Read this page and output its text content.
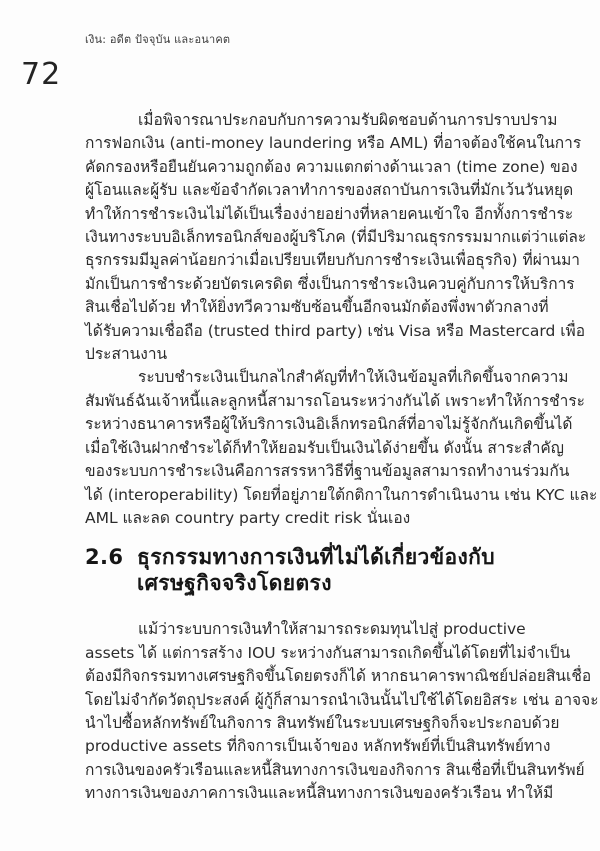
เงิน: อดีต ปัจจุบัน และอนาคต
72
เมื่อพิจารณาประกอบกับการความรับผิดชอบด้านการปราบปราม
การฟอกเงิน (anti-money laundering หรือ AML) ที่อาจต้องใช้คนในการ
คัดกรองหรือยืนยันความถูกต้อง ความแตกต่างด้านเวลา (time zone) ของ
ผู้โอนและผู้รับ และข้อจำกัดเวลาทำการของสถาบันการเงินที่มักเว้นวันหยุด
ทำให้การชำระเงินไม่ได้เป็นเรื่องง่ายอย่างที่หลายคนเข้าใจ อีกทั้งการชำระ
เงินทางระบบอิเล็กทรอนิกส์ของผู้บริโภค (ที่มีปริมาณธุรกรรมมากแต่ว่าแต่ละ
ธุรกรรมมีมูลค่าน้อยกว่าเมื่อเปรียบเทียบกับการชำระเงินเพื่อธุรกิจ) ที่ผ่านมา
มักเป็นการชำระด้วยบัตรเครดิต ซึ่งเป็นการชำระเงินควบคู่กับการให้บริการ
สินเชื่อไปด้วย ทำให้ยิ่งทวีความซับซ้อนขึ้นอีกจนมักต้องพึ่งพาตัวกลางที่
ได้รับความเชื่อถือ (trusted third party) เช่น Visa หรือ Mastercard เพื่อ
ประสานงาน
ระบบชำระเงินเป็นกลไกสำคัญที่ทำให้เงินข้อมูลที่เกิดขึ้นจากความ
สัมพันธ์ฉันเจ้าหนี้และลูกหนี้สามารถโอนระหว่างกันได้ เพราะทำให้การชำระ
ระหว่างธนาคารหรือผู้ให้บริการเงินอิเล็กทรอนิกส์ที่อาจไม่รู้จักกันเกิดขึ้นได้
เมื่อใช้เงินฝากชำระได้ก็ทำให้ยอมรับเป็นเงินได้ง่ายขึ้น ดังนั้น สาระสำคัญ
ของระบบการชำระเงินคือการสรรหาวิธีที่ฐานข้อมูลสามารถทำงานร่วมกัน
ได้ (interoperability) โดยที่อยู่ภายใต้กติกาในการดำเนินงาน เช่น KYC และ
AML และลด country party credit risk นั่นเอง
2.6 ธุรกรรมทางการเงินที่ไม่ได้เกี่ยวข้องกับ
เศรษฐกิจจริงโดยตรง
แม้ว่าระบบการเงินทำให้สามารถระดมทุนไปสู่ productive
assets ได้ แต่การสร้าง IOU ระหว่างกันสามารถเกิดขึ้นได้โดยที่ไม่จำเป็น
ต้องมีกิจกรรมทางเศรษฐกิจขึ้นโดยตรงก็ได้ หากธนาคารพาณิชย์ปล่อยสินเชื่อ
โดยไม่จำกัดวัตถุประสงค์ ผู้กู้ก็สามารถนำเงินนั้นไปใช้ได้โดยอิสระ เช่น อาจจะ
นำไปซื้อหลักทรัพย์ในกิจการ สินทรัพย์ในระบบเศรษฐกิจก็จะประกอบด้วย
productive assets ที่กิจการเป็นเจ้าของ หลักทรัพย์ที่เป็นสินทรัพย์ทาง
การเงินของครัวเรือนและหนี้สินทางการเงินของกิจการ สินเชื่อที่เป็นสินทรัพย์
ทางการเงินของภาคการเงินและหนี้สินทางการเงินของครัวเรือน ทำให้มี
